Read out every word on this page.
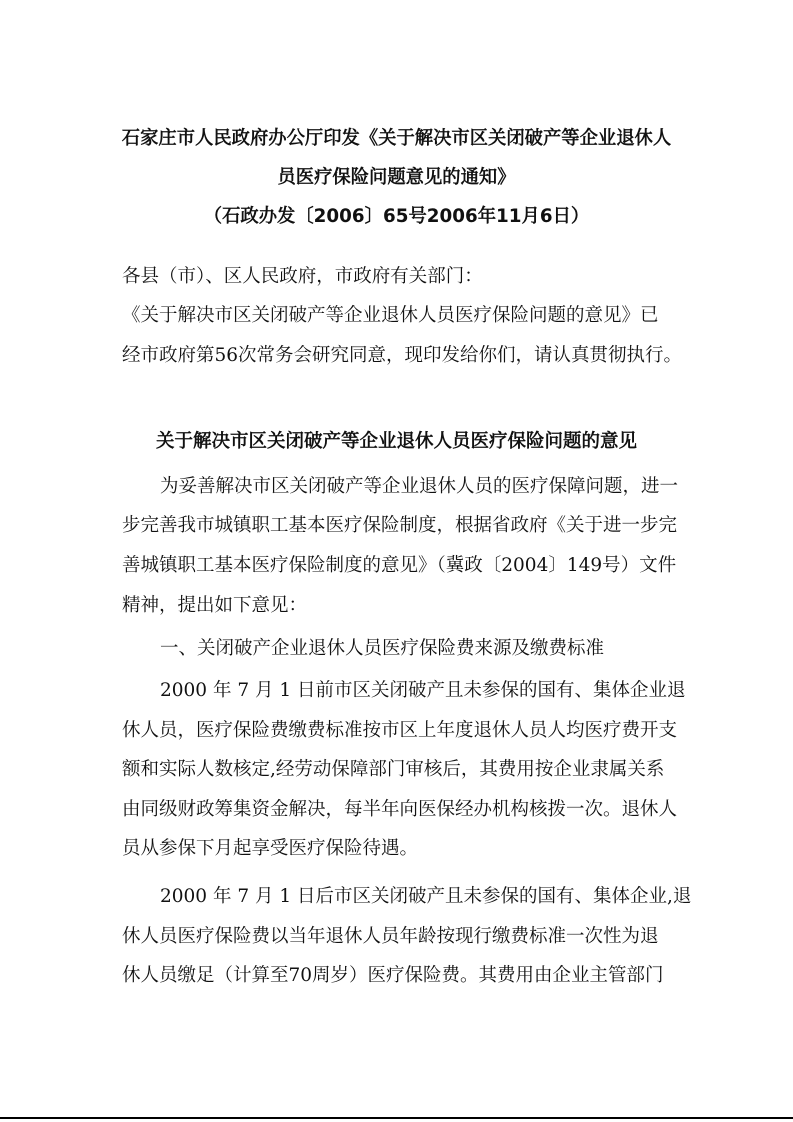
石家庄市人民政府办公厅印发《关于解决市区关闭破产等企业退休人
员医疗保险问题意见的通知》
（石政办发〔2006〕65号2006年11月6日）
各县（市）、区人民政府，市政府有关部门：
《关于解决市区关闭破产等企业退休人员医疗保险问题的意见》已
经市政府第56次常务会研究同意，现印发给你们，请认真贯彻执行。
关于解决市区关闭破产等企业退休人员医疗保险问题的意见
为妥善解决市区关闭破产等企业退休人员的医疗保障问题，进一
步完善我市城镇职工基本医疗保险制度，根据省政府《关于进一步完
善城镇职工基本医疗保险制度的意见》（冀政〔2004〕149号）文件
精神，提出如下意见：
一、关闭破产企业退休人员医疗保险费来源及缴费标准
2000 年 7 月 1 日前市区关闭破产且未参保的国有、集体企业退
休人员，医疗保险费缴费标准按市区上年度退休人员人均医疗费开支
额和实际人数核定,经劳动保障部门审核后，其费用按企业隶属关系
由同级财政筹集资金解决，每半年向医保经办机构核拨一次。退休人
员从参保下月起享受医疗保险待遇。
2000 年 7 月 1 日后市区关闭破产且未参保的国有、集体企业,退
休人员医疗保险费以当年退休人员年龄按现行缴费标准一次性为退
休人员缴足（计算至70周岁）医疗保险费。其费用由企业主管部门
